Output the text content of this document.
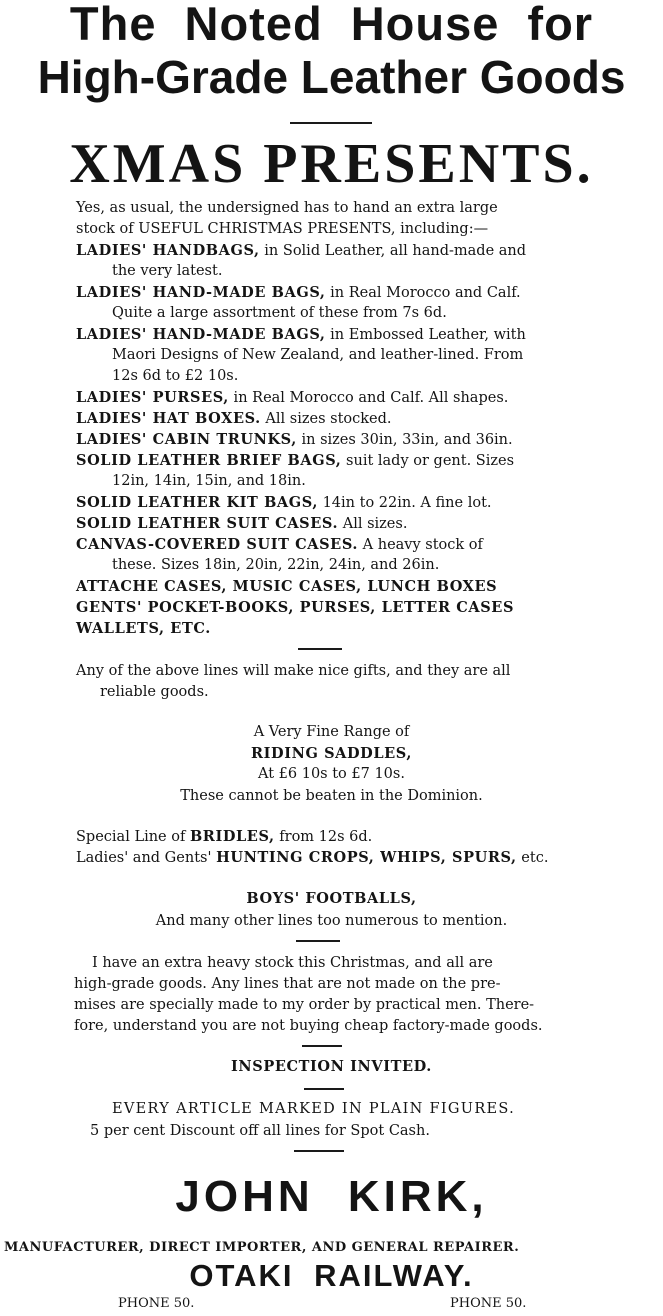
The Noted House for
High-Grade Leather Goods
XMAS PRESENTS.
Yes, as usual, the undersigned has to hand an extra large
stock of USEFUL CHRISTMAS PRESENTS, including:—
LADIES' HANDBAGS, in Solid Leather, all hand-made and
the very latest.
LADIES' HAND-MADE BAGS, in Real Morocco and Calf.
Quite a large assortment of these from 7s 6d.
LADIES' HAND-MADE BAGS, in Embossed Leather, with
Maori Designs of New Zealand, and leather-lined. From
12s 6d to £2 10s.
LADIES' PURSES, in Real Morocco and Calf. All shapes.
LADIES' HAT BOXES. All sizes stocked.
LADIES' CABIN TRUNKS, in sizes 30in, 33in, and 36in.
SOLID LEATHER BRIEF BAGS, suit lady or gent. Sizes
12in, 14in, 15in, and 18in.
SOLID LEATHER KIT BAGS, 14in to 22in. A fine lot.
SOLID LEATHER SUIT CASES. All sizes.
CANVAS-COVERED SUIT CASES. A heavy stock of
these. Sizes 18in, 20in, 22in, 24in, and 26in.
ATTACHE CASES, MUSIC CASES, LUNCH BOXES
GENTS' POCKET-BOOKS, PURSES, LETTER CASES
WALLETS, ETC.
Any of the above lines will make nice gifts, and they are all
reliable goods.
A Very Fine Range of
RIDING SADDLES,
At £6 10s to £7 10s.
These cannot be beaten in the Dominion.
Special Line of BRIDLES, from 12s 6d.
Ladies' and Gents' HUNTING CROPS, WHIPS, SPURS, etc.
BOYS' FOOTBALLS,
And many other lines too numerous to mention.
I have an extra heavy stock this Christmas, and all are
high-grade goods. Any lines that are not made on the pre-
mises are specially made to my order by practical men. There-
fore, understand you are not buying cheap factory-made goods.
INSPECTION INVITED.
EVERY ARTICLE MARKED IN PLAIN FIGURES.
5 per cent Discount off all lines for Spot Cash.
JOHN KIRK,
MANUFACTURER, DIRECT IMPORTER, AND GENERAL REPAIRER.
OTAKI RAILWAY.
PHONE 50.	PHONE 50.
